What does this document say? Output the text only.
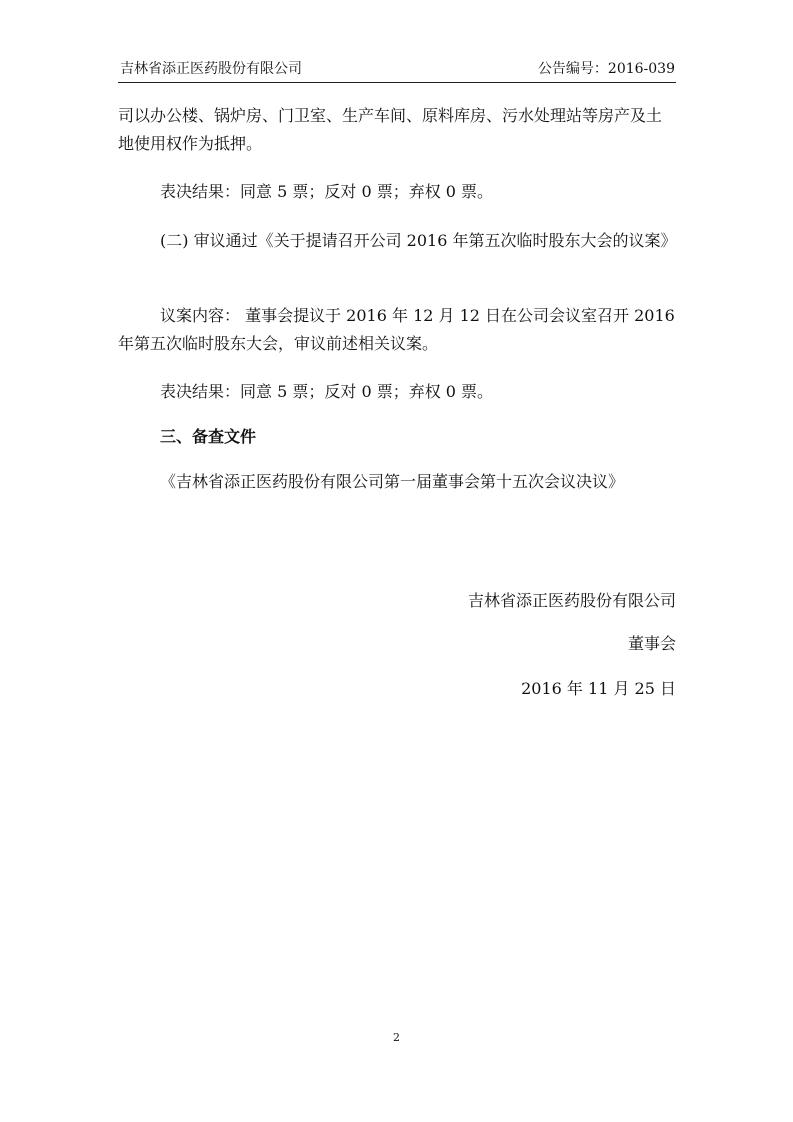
吉林省添正医药股份有限公司	公告编号：2016-039

司以办公楼、锅炉房、门卫室、生产车间、原料库房、污水处理站等房产及土地使用权作为抵押。

表决结果：同意 5 票；反对 0 票；弃权 0 票。

(二) 审议通过《关于提请召开公司 2016 年第五次临时股东大会的议案》

议案内容： 董事会提议于 2016 年 12 月 12 日在公司会议室召开 2016 年第五次临时股东大会，审议前述相关议案。

表决结果：同意 5 票；反对 0 票；弃权 0 票。

三、备查文件

《吉林省添正医药股份有限公司第一届董事会第十五次会议决议》

吉林省添正医药股份有限公司
董事会
2016 年 11 月 25 日
2
